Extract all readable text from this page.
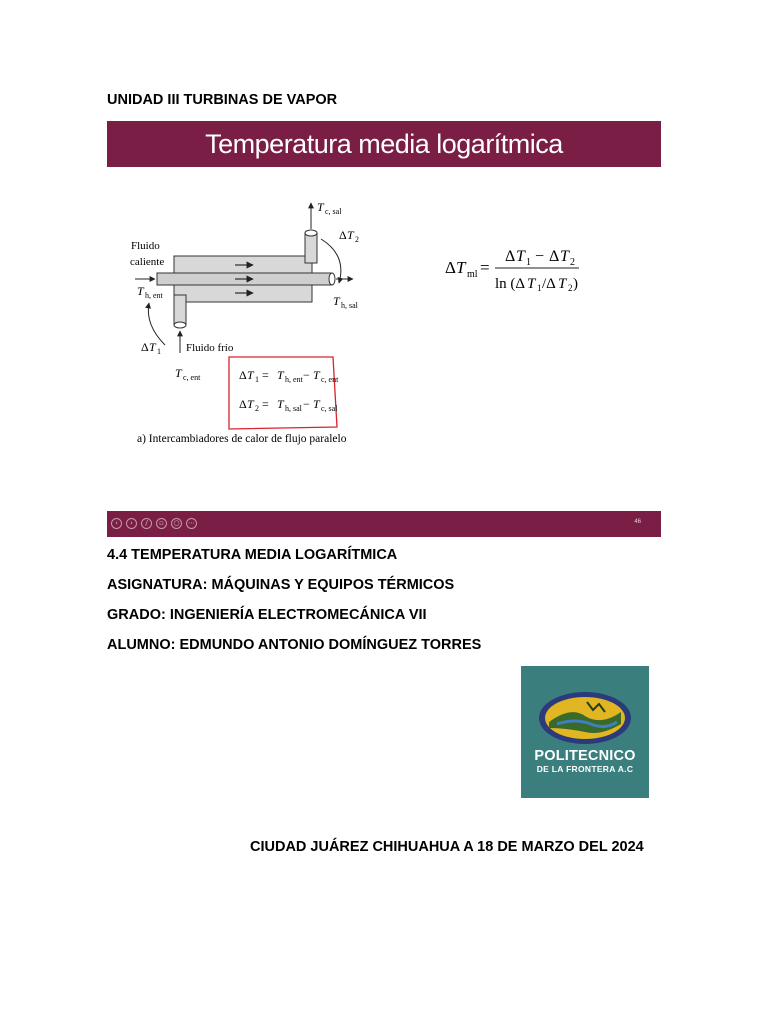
UNIDAD III TURBINAS DE VAPOR
Temperatura media logarítmica
T c, sal
Δ T 2
T h, sal
Fluido
caliente
T h, ent
Δ T 1 Fluido frío
T c, ent	Δ T 1 = T h, ent − T c, ent
Δ T 2 = T h, sal − T c, sal
a) Intercambiadores de calor de flujo paralelo
Δ T ml =
Δ T 1 − Δ T 2
ln (Δ T 1 /Δ T 2 )
‹	›	/	▫	○	⋯	46
4.4 TEMPERATURA MEDIA LOGARÍTMICA
ASIGNATURA: MÁQUINAS Y EQUIPOS TÉRMICOS
GRADO: INGENIERÍA ELECTROMECÁNICA VII
ALUMNO: EDMUNDO ANTONIO DOMÍNGUEZ TORRES
POLITECNICO
DE LA FRONTERA A.C
CIUDAD JUÁREZ CHIHUAHUA A 18 DE MARZO DEL 2024
